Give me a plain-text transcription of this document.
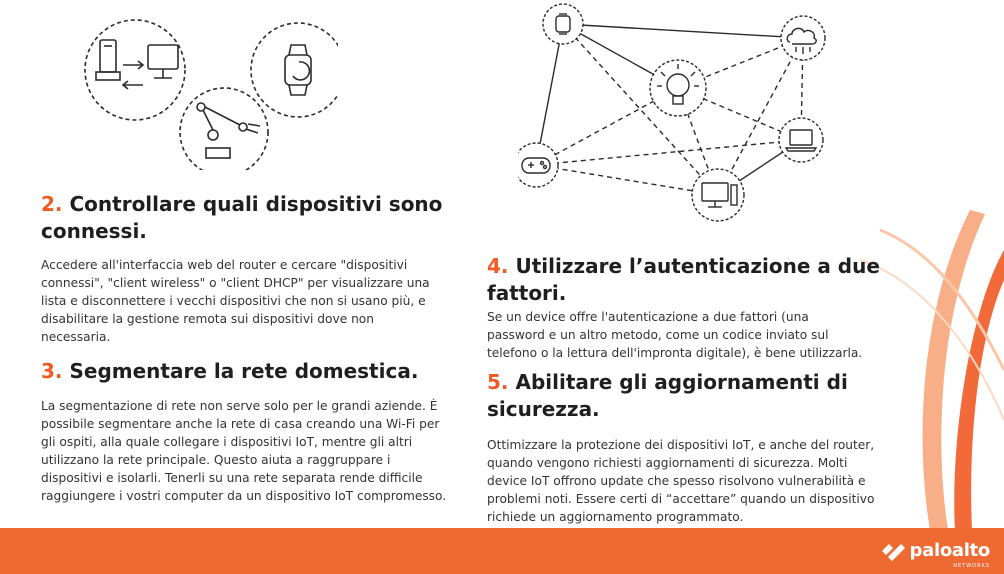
2. Controllare quali dispositivi sono
connessi.

Accedere all'interfaccia web del router e cercare "dispositivi
connessi", "client wireless" o "client DHCP" per visualizzare una
lista e disconnettere i vecchi dispositivi che non si usano più, e
disabilitare la gestione remota sui dispositivi dove non
necessaria.

3. Segmentare la rete domestica.

La segmentazione di rete non serve solo per le grandi aziende. È
possibile segmentare anche la rete di casa creando una Wi-Fi per
gli ospiti, alla quale collegare i dispositivi IoT, mentre gli altri
utilizzano la rete principale. Questo aiuta a raggruppare i
dispositivi e isolarli. Tenerli su una rete separata rende difficile
raggiungere i vostri computer da un dispositivo IoT compromesso.

4. Utilizzare l’autenticazione a due
fattori.

Se un device offre l'autenticazione a due fattori (una
password e un altro metodo, come un codice inviato sul
telefono o la lettura dell'impronta digitale), è bene utilizzarla.

5. Abilitare gli aggiornamenti di
sicurezza.

Ottimizzare la protezione dei dispositivi IoT, e anche del router,
quando vengono richiesti aggiornamenti di sicurezza. Molti
device IoT offrono update che spesso risolvono vulnerabilità e
problemi noti. Essere certi di “accettare” quando un dispositivo
richiede un aggiornamento programmato.

paloalto
NETWORKS
